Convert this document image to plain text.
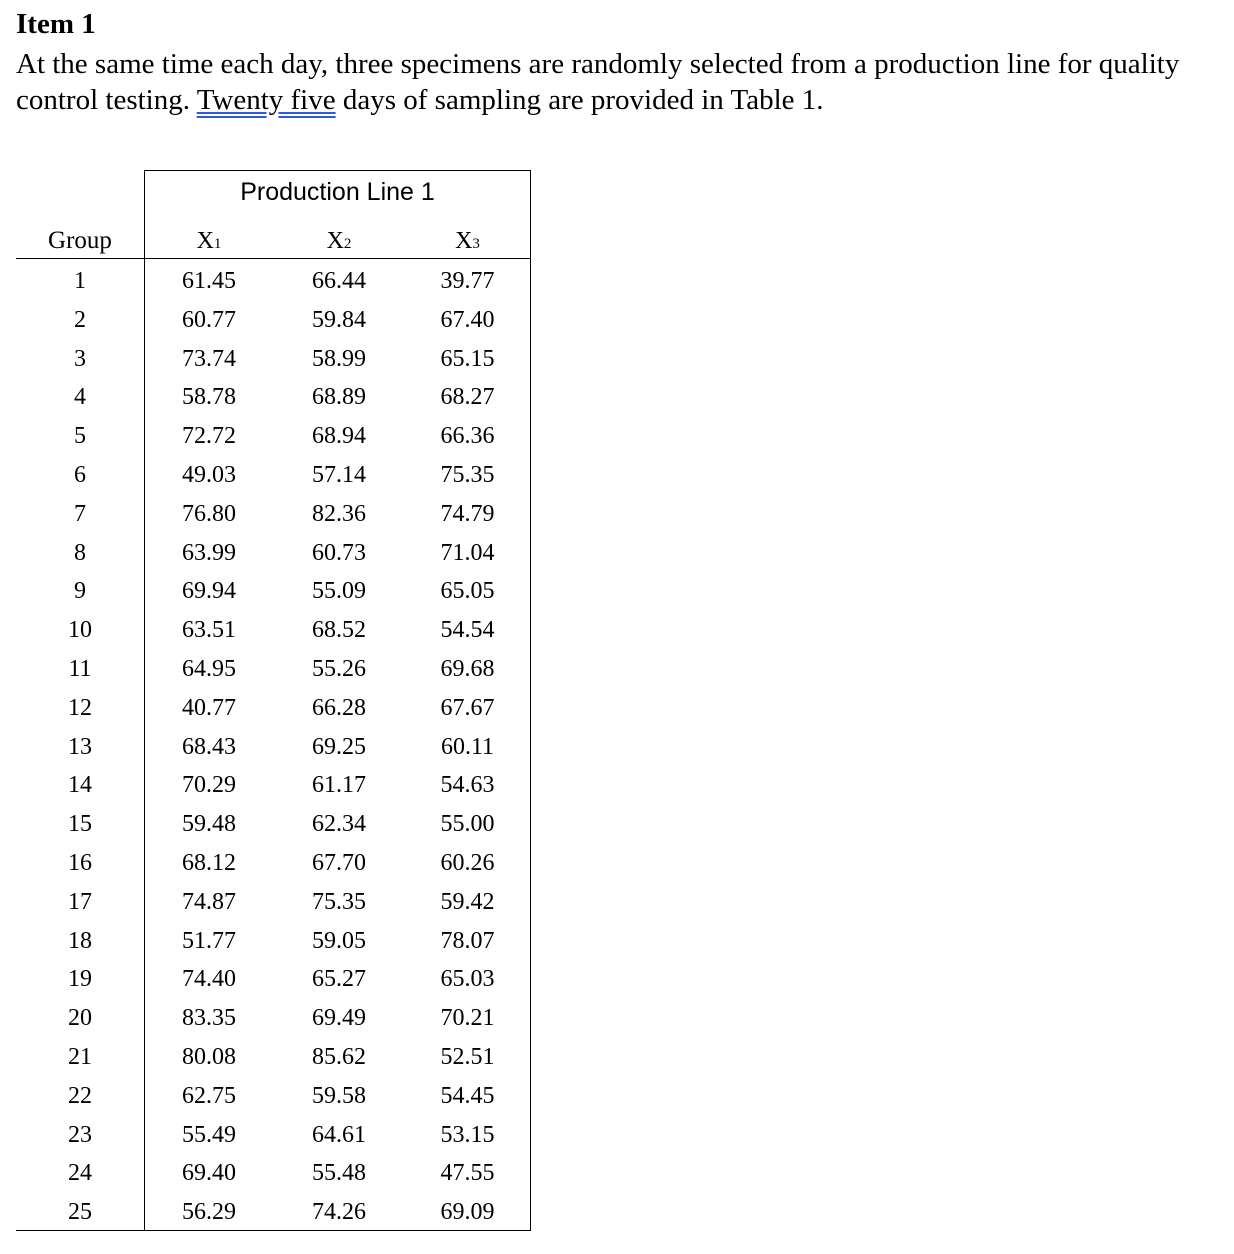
Item 1

At the same time each day, three specimens are randomly selected from a production line for quality control testing. Twenty five days of sampling are provided in Table 1.

Production Line 1
Group	X1	X2	X3
1	61.45	66.44	39.77
2	60.77	59.84	67.40
3	73.74	58.99	65.15
4	58.78	68.89	68.27
5	72.72	68.94	66.36
6	49.03	57.14	75.35
7	76.80	82.36	74.79
8	63.99	60.73	71.04
9	69.94	55.09	65.05
10	63.51	68.52	54.54
11	64.95	55.26	69.68
12	40.77	66.28	67.67
13	68.43	69.25	60.11
14	70.29	61.17	54.63
15	59.48	62.34	55.00
16	68.12	67.70	60.26
17	74.87	75.35	59.42
18	51.77	59.05	78.07
19	74.40	65.27	65.03
20	83.35	69.49	70.21
21	80.08	85.62	52.51
22	62.75	59.58	54.45
23	55.49	64.61	53.15
24	69.40	55.48	47.55
25	56.29	74.26	69.09
